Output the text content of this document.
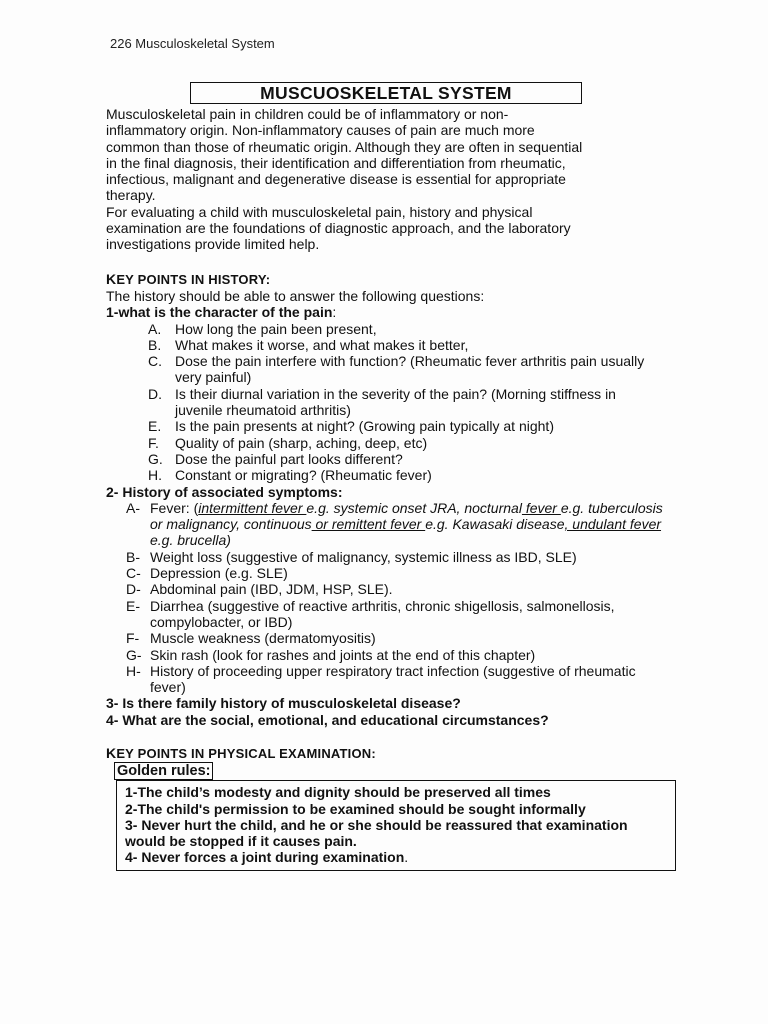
226 Musculoskeletal System
MUSCUOSKELETAL SYSTEM

Musculoskeletal pain in children could be of inflammatory or non-
inflammatory origin. Non-inflammatory causes of pain are much more
common than those of rheumatic origin. Although they are often in sequential
in the final diagnosis, their identification and differentiation from rheumatic,
infectious, malignant and degenerative disease is essential for appropriate
therapy.

For evaluating a child with musculoskeletal pain, history and physical
examination are the foundations of diagnostic approach, and the laboratory
investigations provide limited help.

KEY POINTS IN HISTORY:

The history should be able to answer the following questions:

1-what is the character of the pain:

A. How long the pain been present,
B. What makes it worse, and what makes it better,
C. Dose the pain interfere with function? (Rheumatic fever arthritis pain usually very painful)
D. Is their diurnal variation in the severity of the pain? (Morning stiffness in juvenile rheumatoid arthritis)
E. Is the pain presents at night? (Growing pain typically at night)
F. Quality of pain (sharp, aching, deep, etc)
G. Dose the painful part looks different?
H. Constant or migrating? (Rheumatic fever)

2- History of associated symptoms:

A- Fever: (intermittent fever e.g. systemic onset JRA, nocturnal fever e.g. tuberculosis or malignancy, continuous or remittent fever e.g. Kawasaki disease, undulant fever e.g. brucella)
B- Weight loss (suggestive of malignancy, systemic illness as IBD, SLE)
C- Depression (e.g. SLE)
D- Abdominal pain (IBD, JDM, HSP, SLE).
E- Diarrhea (suggestive of reactive arthritis, chronic shigellosis, salmonellosis, compylobacter, or IBD)
F- Muscle weakness (dermatomyositis)
G- Skin rash (look for rashes and joints at the end of this chapter)
H- History of proceeding upper respiratory tract infection (suggestive of rheumatic fever)

3- Is there family history of musculoskeletal disease?

4- What are the social, emotional, and educational circumstances?

KEY POINTS IN PHYSICAL EXAMINATION:
Golden rules:

1-The child’s modesty and dignity should be preserved all times

2-The child's permission to be examined should be sought informally

3- Never hurt the child, and he or she should be reassured that examination would be stopped if it causes pain.

4- Never forces a joint during examination.
